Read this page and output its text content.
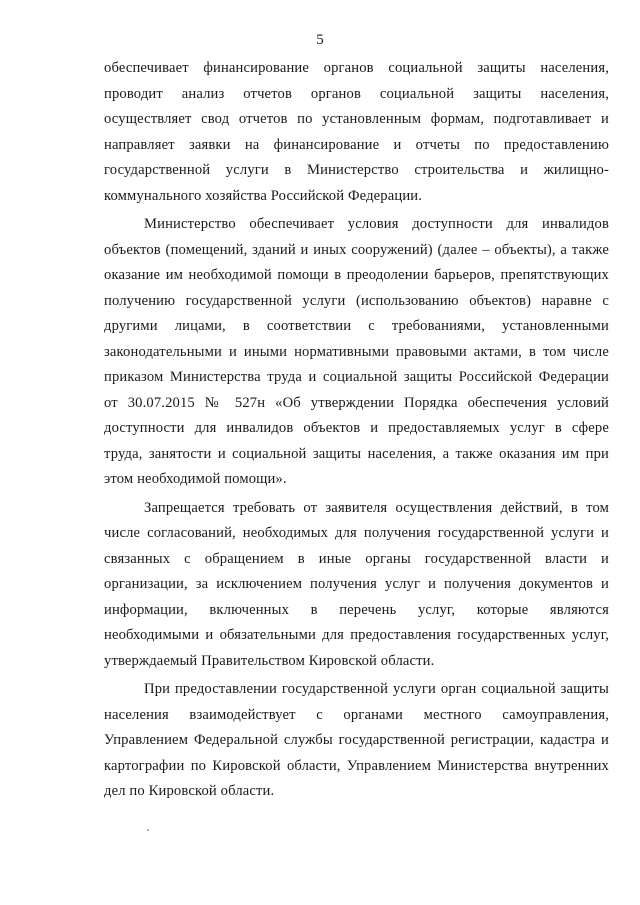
5
обеспечивает финансирование органов социальной защиты населения,
проводит анализ отчетов органов социальной защиты населения,
осуществляет свод отчетов по установленным формам, подготавливает и
направляет заявки на финансирование и отчеты по предоставлению
государственной услуги в Министерство строительства и жилищно-
коммунального хозяйства Российской Федерации.
Министерство обеспечивает условия доступности для инвалидов
объектов (помещений, зданий и иных сооружений) (далее – объекты), а также
оказание им необходимой помощи в преодолении барьеров, препятствующих
получению государственной услуги (использованию объектов) наравне с
другими лицами, в соответствии с требованиями, установленными
законодательными и иными нормативными правовыми актами, в том числе
приказом Министерства труда и социальной защиты Российской Федерации
от 30.07.2015 № 527н «Об утверждении Порядка обеспечения условий
доступности для инвалидов объектов и предоставляемых услуг в сфере
труда, занятости и социальной защиты населения, а также оказания им при
этом необходимой помощи».
Запрещается требовать от заявителя осуществления действий, в том
числе согласований, необходимых для получения государственной услуги и
связанных с обращением в иные органы государственной власти и
организации, за исключением получения услуг и получения документов и
информации, включенных в перечень услуг, которые являются
необходимыми и обязательными для предоставления государственных услуг,
утверждаемый Правительством Кировской области.
При предоставлении государственной услуги орган социальной защиты
населения взаимодействует с органами местного самоуправления,
Управлением Федеральной службы государственной регистрации, кадастра и
картографии по Кировской области, Управлением Министерства внутренних
дел по Кировской области.
